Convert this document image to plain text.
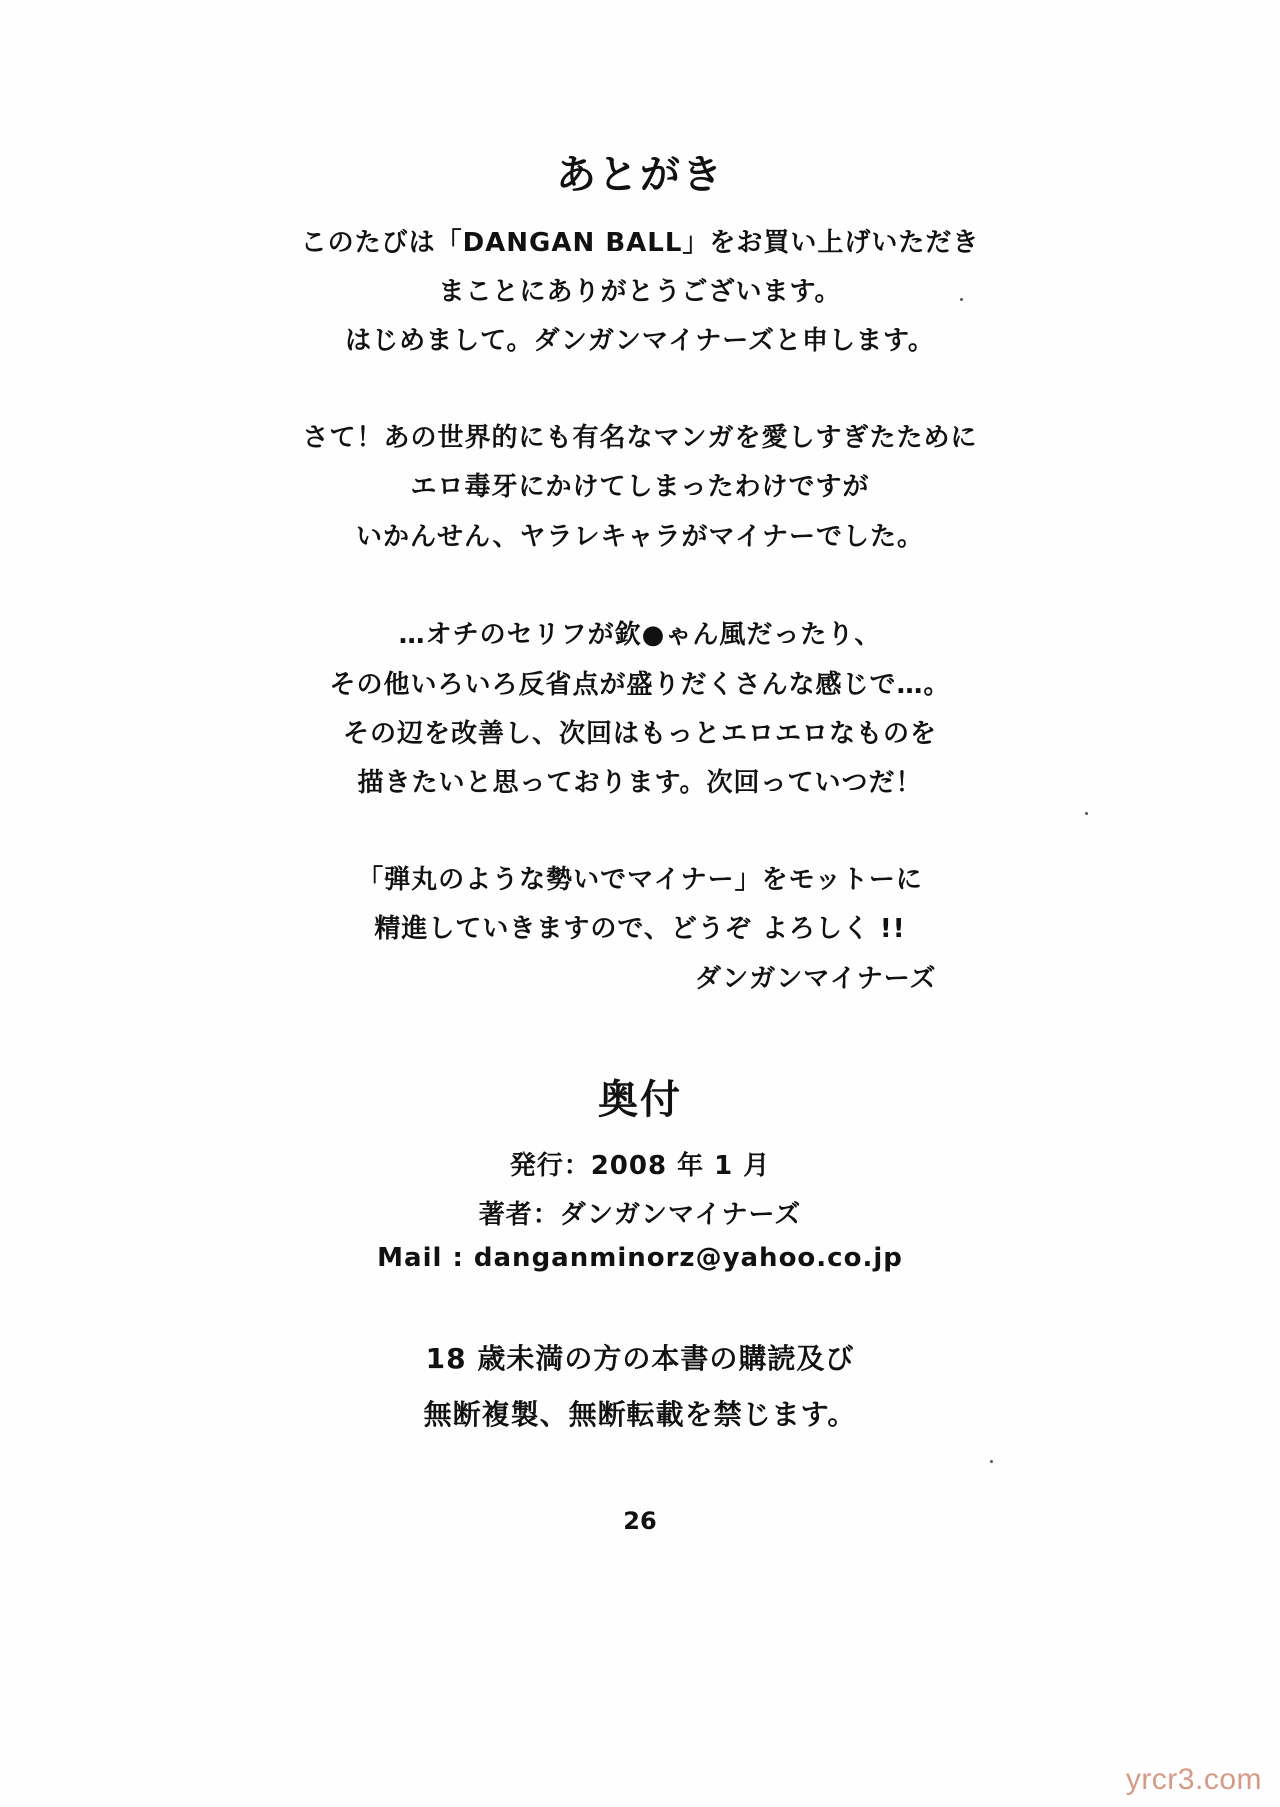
あとがき
このたびは「DANGAN BALL」をお買い上げいただき
まことにありがとうございます。
はじめまして。ダンガンマイナーズと申します。
さて！あの世界的にも有名なマンガを愛しすぎたために
エロ毒牙にかけてしまったわけですが
いかんせん、ヤラレキャラがマイナーでした。
…オチのセリフが欽●ゃん風だったり、
その他いろいろ反省点が盛りだくさんな感じで…。
その辺を改善し、次回はもっとエロエロなものを
描きたいと思っております。次回っていつだ！
「弾丸のような勢いでマイナー」をモットーに
精進していきますので、どうぞ よろしく !!
ダンガンマイナーズ
奥付
発行：2008 年 1 月
著者：ダンガンマイナーズ
Mail : danganminorz@yahoo.co.jp
18 歳未満の方の本書の購読及び
無断複製、無断転載を禁じます。
26
yrcr3.com
